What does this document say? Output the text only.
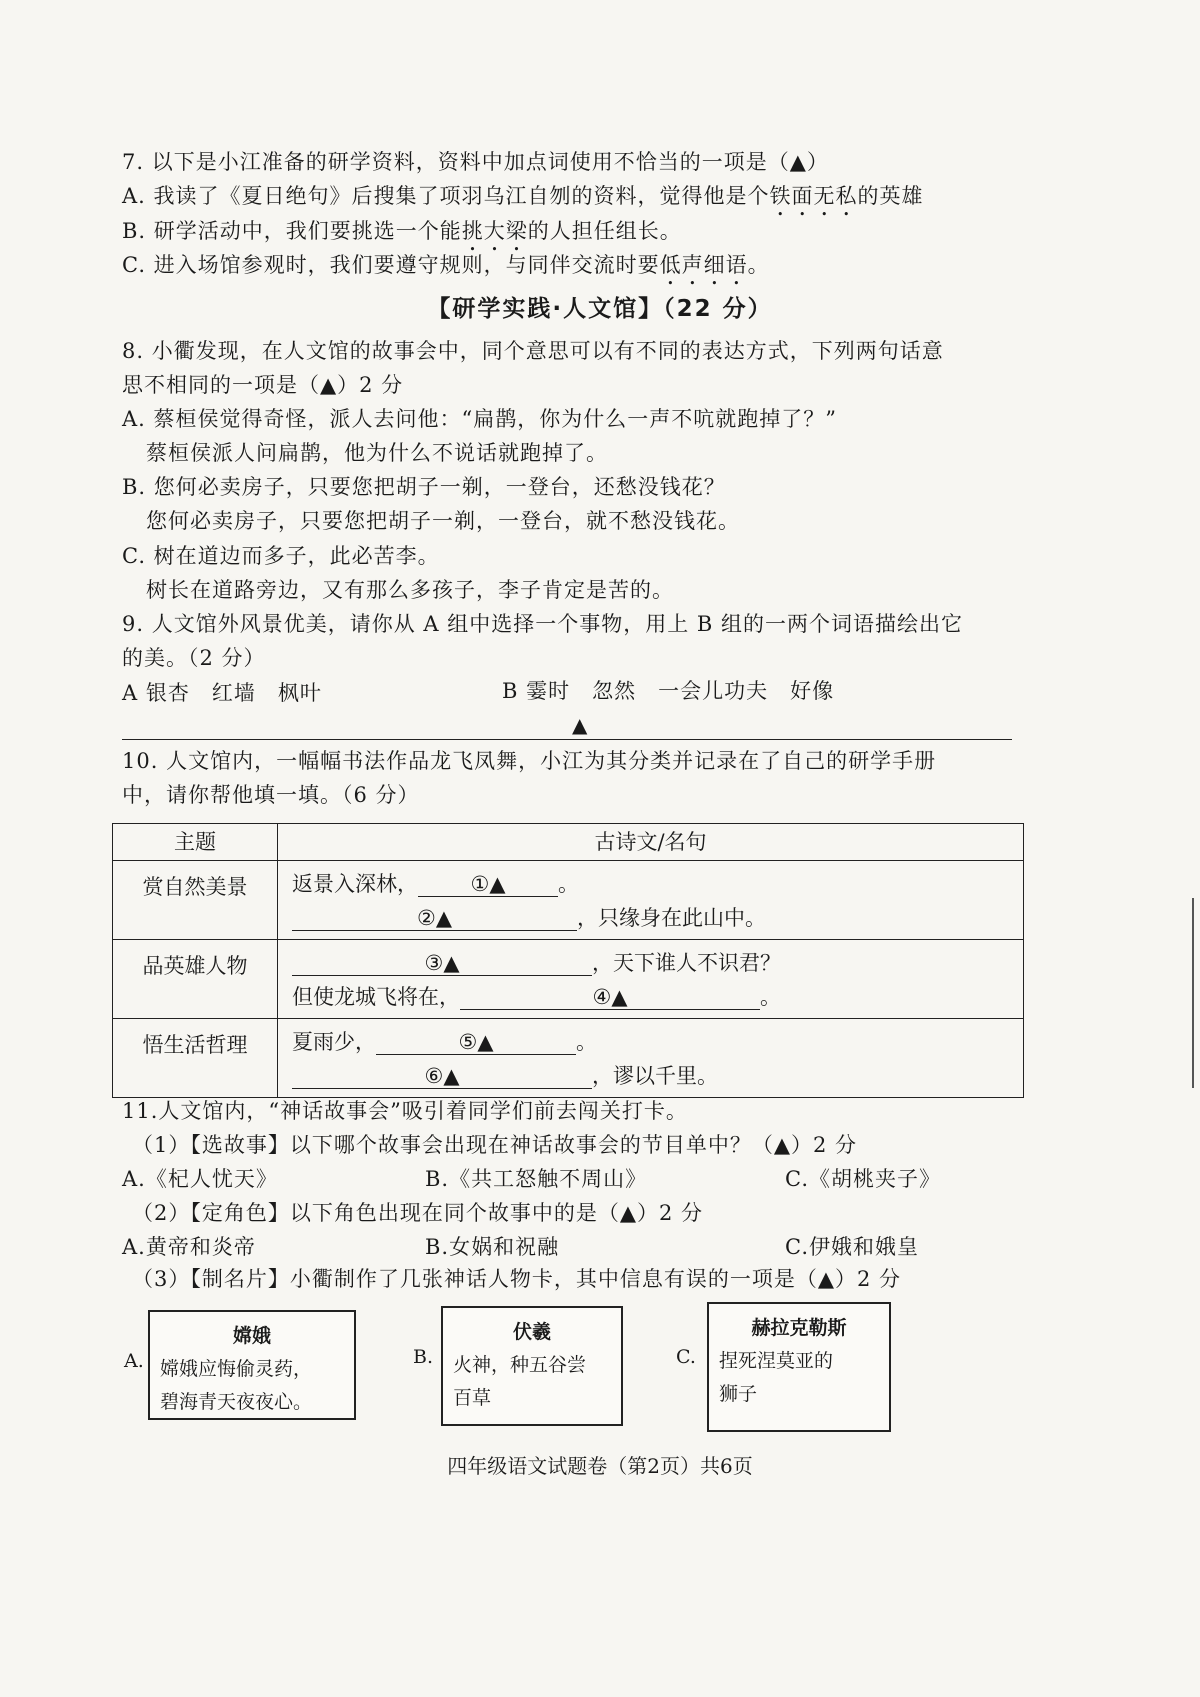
7. 以下是小江准备的研学资料，资料中加点词使用不恰当的一项是（▲）
A. 我读了《夏日绝句》后搜集了项羽乌江自刎的资料，觉得他是个铁面无私的英雄
B. 研学活动中，我们要挑选一个能挑大梁的人担任组长。
C. 进入场馆参观时，我们要遵守规则，与同伴交流时要低声细语。
【研学实践·人文馆】（22 分）
8. 小衢发现，在人文馆的故事会中，同个意思可以有不同的表达方式，下列两句话意
思不相同的一项是（▲）2 分
A. 蔡桓侯觉得奇怪，派人去问他：“扁鹊，你为什么一声不吭就跑掉了？”
蔡桓侯派人问扁鹊，他为什么不说话就跑掉了。
B. 您何必卖房子，只要您把胡子一剃，一登台，还愁没钱花？
您何必卖房子，只要您把胡子一剃，一登台，就不愁没钱花。
C. 树在道边而多子，此必苦李。
树长在道路旁边，又有那么多孩子，李子肯定是苦的。
9. 人文馆外风景优美，请你从 A 组中选择一个事物，用上 B 组的一两个词语描绘出它
的美。（2 分）
A 银杏　红墙　枫叶	B 霎时　忽然　一会儿功夫　好像
▲
10. 人文馆内，一幅幅书法作品龙飞凤舞，小江为其分类并记录在了自己的研学手册
中，请你帮他填一填。（6 分）
主题	古诗文/名句
赏自然美景	返景入深林， ①▲ 。
②▲ ，只缘身在此山中。

品英雄人物	③▲ ，天下谁人不识君？
但使龙城飞将在， ④▲ 。

悟生活哲理	夏雨少， ⑤▲ 。
⑥▲ ，谬以千里。
11.人文馆内，“神话故事会”吸引着同学们前去闯关打卡。
（1）【选故事】以下哪个故事会出现在神话故事会的节目单中？（▲）2 分
A.《杞人忧天》	B.《共工怒触不周山》	C.《胡桃夹子》
（2）【定角色】以下角色出现在同个故事中的是（▲）2 分
A.黄帝和炎帝	B.女娲和祝融	C.伊娥和娥皇
（3）【制名片】小衢制作了几张神话人物卡，其中信息有误的一项是（▲）2 分
A.
嫦娥
嫦娥应悔偷灵药，
碧海青天夜夜心。
B.
伏羲
火神，种五谷尝
百草
C.
赫拉克勒斯
捏死涅莫亚的
狮子
四年级语文试题卷（第2页）共6页
